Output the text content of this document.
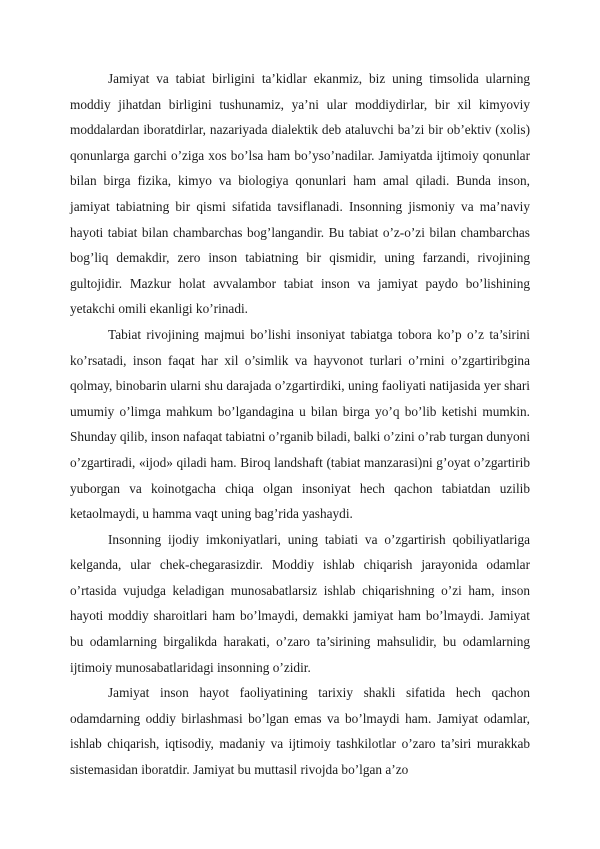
Jamiyat va tabiat birligini ta’kidlar ekanmiz, biz uning timsolida ularning moddiy jihatdan birligini tushunamiz, ya’ni ular moddiydirlar, bir xil kimyoviy moddalardan iboratdirlar, nazariyada dialektik deb ataluvchi ba’zi bir ob’ektiv (xolis) qonunlarga garchi o’ziga xos bo’lsa ham bo’ysо’nadilar. Jamiyatda ijtimoiy qonunlar bilan birga fizika, kimyo va biologiya qonunlari ham amal qiladi. Bunda inson, jamiyat tabiatning bir qismi sifatida tavsiflanadi. Insonning jismoniy va ma’naviy hayoti tabiat bilan chambarchas bog’langandir. Bu tabiat o’z-o’zi bilan chambarchas bog’liq demakdir, zero inson tabiatning bir qismidir, uning farzandi, rivojining gultojidir. Mazkur holat avvalambor tabiat inson va jamiyat paydo bo’lishining yetakchi omili ekanligi ko’rinadi.

Tabiat rivojining majmui bo’lishi insoniyat tabiatga tobora ko’p o’z ta’sirini ko’rsatadi, inson faqat har xil o’simlik va hayvonot turlari o’rnini o’zgartiribgina qolmay, binobarin ularni shu darajada o’zgartirdiki, uning faoliyati natijasida yer shari umumiy o’limga mahkum bo’lgandagina u bilan birga yo’q bo’lib ketishi mumkin. Shunday qilib, inson nafaqat tabiatni o’rganib biladi, balki o’zini o’rab turgan dunyoni o’zgartiradi, «ijod» qiladi ham. Biroq landshaft (tabiat manzarasi)ni g’oyat o’zgartirib yuborgan va koinotgacha chiqa olgan insoniyat hech qachon tabiatdan uzilib ketaolmaydi, u hamma vaqt uning bag’rida yashaydi.

Insonning ijodiy imkoniyatlari, uning tabiati va o’zgartirish qobiliyatlariga kelganda, ular chek-chegarasizdir. Moddiy ishlab chiqarish jarayonida odamlar o’rtasida vujudga keladigan munosabatlarsiz ishlab chiqarishning o’zi ham, inson hayoti moddiy sharoitlari ham bo’lmaydi, demakki jamiyat ham bo’lmaydi. Jamiyat bu odamlarning birgalikda harakati, o’zaro ta’sirining mahsulidir, bu odamlarning ijtimoiy munosabatlaridagi insonning o’zidir.

Jamiyat inson hayot faoliyatining tarixiy shakli sifatida hech qachon odamdarning oddiy birlashmasi bo’lgan emas va bo’lmaydi ham. Jamiyat odamlar, ishlab chiqarish, iqtisodiy, madaniy va ijtimoiy tashkilotlar o’zaro ta’siri murakkab sistemasidan iboratdir. Jamiyat bu muttasil rivojda bo’lgan a’zo
